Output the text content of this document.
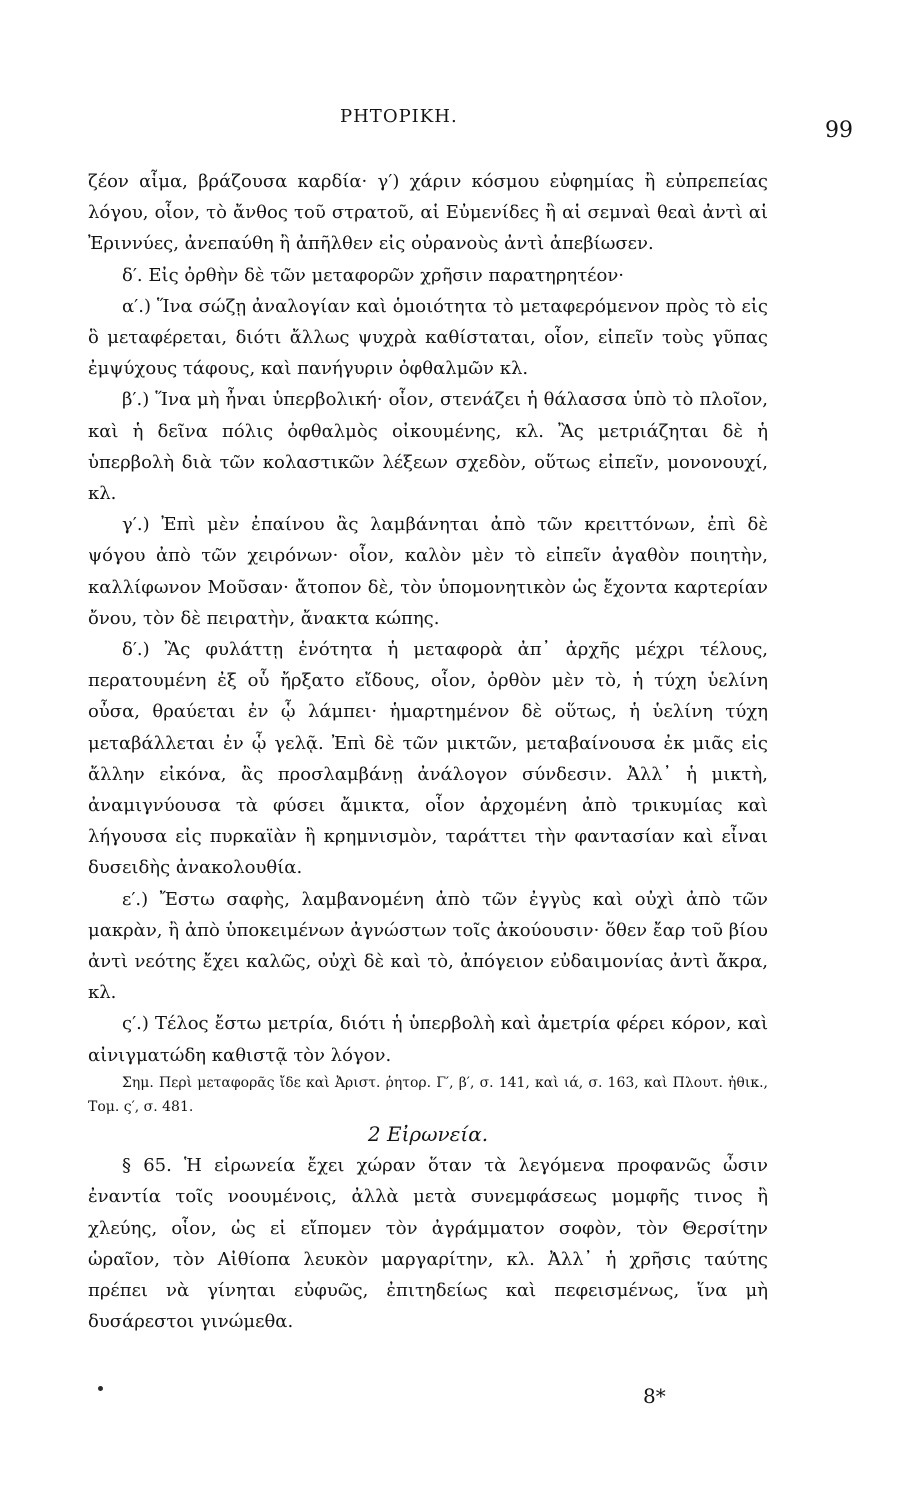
ΡΗΤΟΡΙΚΗ.
99

ζέον αἷμα, βράζουσα καρδία· γ′) χάριν κόσμου εὐφημίας ἢ εὐπρεπείας λόγου, οἷον, τὸ ἄνθος τοῦ στρατοῦ, αἱ Εὐμενίδες ἢ αἱ σεμναὶ θεαὶ ἀντὶ αἱ Ἐριννύες, ἀνεπαύθη ἢ ἀπῆλθεν εἰς οὐρανοὺς ἀντὶ ἀπεβίωσεν.

δ′. Εἰς ὀρθὴν δὲ τῶν μεταφορῶν χρῆσιν παρατηρητέον·

α′.) Ἵνα σώζῃ ἀναλογίαν καὶ ὁμοιότητα τὸ μεταφερόμενον πρὸς τὸ εἰς ὃ μεταφέρεται, διότι ἄλλως ψυχρὰ καθίσταται, οἷον, εἰπεῖν τοὺς γῦπας ἐμψύχους τάφους, καὶ πανήγυριν ὀφθαλμῶν κλ.

β′.) Ἵνα μὴ ἦναι ὑπερβολική· οἷον, στενάζει ἡ θάλασσα ὑπὸ τὸ πλοῖον, καὶ ἡ δεῖνα πόλις ὀφθαλμὸς οἰκουμένης, κλ. Ἂς μετριάζηται δὲ ἡ ὑπερβολὴ διὰ τῶν κολαστικῶν λέξεων σχεδὸν, οὕτως εἰπεῖν, μονονουχί, κλ.

γ′.) Ἐπὶ μὲν ἐπαίνου ἂς λαμβάνηται ἀπὸ τῶν κρειττόνων, ἐπὶ δὲ ψόγου ἀπὸ τῶν χειρόνων· οἷον, καλὸν μὲν τὸ εἰπεῖν ἀγαθὸν ποιητὴν, καλλίφωνον Μοῦσαν· ἄτοπον δὲ, τὸν ὑπομονητικὸν ὡς ἔχοντα καρτερίαν ὄνου, τὸν δὲ πειρατὴν, ἄνακτα κώπης.

δ′.) Ἂς φυλάττῃ ἑνότητα ἡ μεταφορὰ ἀπ᾽ ἀρχῆς μέχρι τέλους, περατουμένη ἐξ οὗ ἤρξατο εἴδους, οἷον, ὀρθὸν μὲν τὸ, ἡ τύχη ὑελίνη οὖσα, θραύεται ἐν ᾧ λάμπει· ἡμαρτημένον δὲ οὕτως, ἡ ὑελίνη τύχη μεταβάλλεται ἐν ᾧ γελᾷ. Ἐπὶ δὲ τῶν μικτῶν, μεταβαίνουσα ἐκ μιᾶς εἰς ἄλλην εἰκόνα, ἂς προσλαμβάνῃ ἀνάλογον σύνδεσιν. Ἀλλ᾽ ἡ μικτὴ, ἀναμιγνύουσα τὰ φύσει ἄμικτα, οἷον ἀρχομένη ἀπὸ τρικυμίας καὶ λήγουσα εἰς πυρκαϊὰν ἢ κρημνισμὸν, ταράττει τὴν φαντασίαν καὶ εἶναι δυσειδὴς ἀνακολουθία.

ε′.) Ἔστω σαφὴς, λαμβανομένη ἀπὸ τῶν ἐγγὺς καὶ οὐχὶ ἀπὸ τῶν μακρὰν, ἢ ἀπὸ ὑποκειμένων ἀγνώστων τοῖς ἀκούουσιν· ὅθεν ἔαρ τοῦ βίου ἀντὶ νεότης ἔχει καλῶς, οὐχὶ δὲ καὶ τὸ, ἀπόγειον εὐδαιμονίας ἀντὶ ἄκρα, κλ.

ς′.) Τέλος ἔστω μετρία, διότι ἡ ὑπερβολὴ καὶ ἀμετρία φέρει κόρον, καὶ αἰνιγματώδη καθιστᾷ τὸν λόγον.

Σημ. Περὶ μεταφορᾶς ἴδε καὶ Ἀριστ. ῥητορ. Γ′, β′, σ. 141, καὶ ιά, σ. 163, καὶ Πλουτ. ἠθικ., Τομ. ς′, σ. 481.

2 Εἰρωνεία.

§ 65. Ἡ εἰρωνεία ἔχει χώραν ὅταν τὰ λεγόμενα προφανῶς ὦσιν ἐναντία τοῖς νοουμένοις, ἀλλὰ μετὰ συνεμφάσεως μομφῆς τινος ἢ χλεύης, οἷον, ὡς εἰ εἴπομεν τὸν ἀγράμματον σοφὸν, τὸν Θερσίτην ὡραῖον, τὸν Αἰθίοπα λευκὸν μαργαρίτην, κλ. Ἀλλ᾽ ἡ χρῆσις ταύτης πρέπει νὰ γίνηται εὐφυῶς, ἐπιτηδείως καὶ πεφεισμένως, ἵνα μὴ δυσάρεστοι γινώμεθα.

8*
